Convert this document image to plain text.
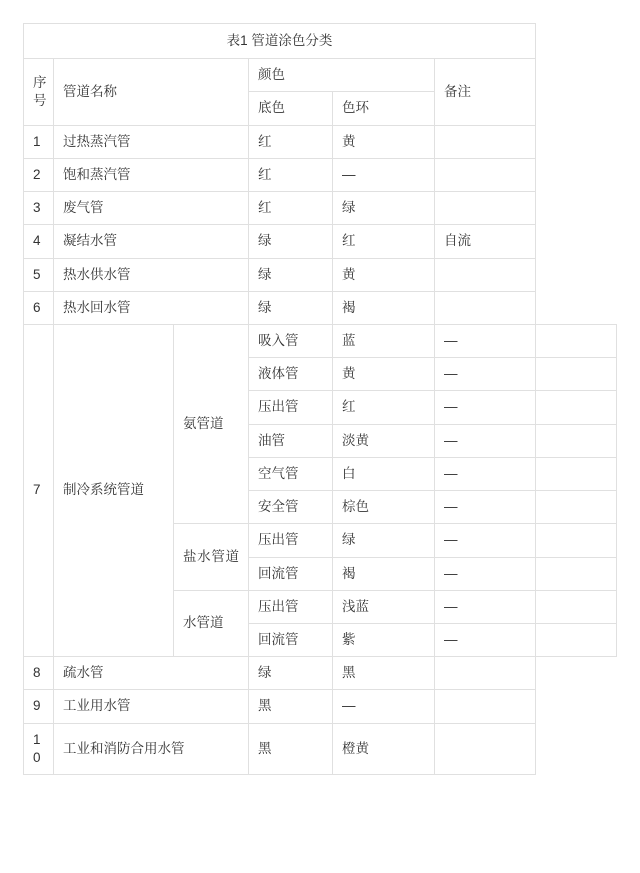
表1 管道涂色分类						
序号	管道名称		颜色		备注	
			底色	色环		
1	过热蒸汽管		红	黄		
2	饱和蒸汽管		红	—		
3	废气管		红	绿		
4	凝结水管		绿	红	自流	
5	热水供水管		绿	黄		
6	热水回水管		绿	褐		
7	制冷系统管道	氨管道	吸入管	蓝	—	
			液体管	黄	—	
			压出管	红	—	
			油管	淡黄	—	
			空气管	白	—	
			安全管	棕色	—	
		盐水管道	压出管	绿	—	
			回流管	褐	—	
		水管道	压出管	浅蓝	—	
			回流管	紫	—	
8	疏水管		绿	黑		
9	工业用水管		黑	—		
10	工业和消防合用水管		黑	橙黄		
